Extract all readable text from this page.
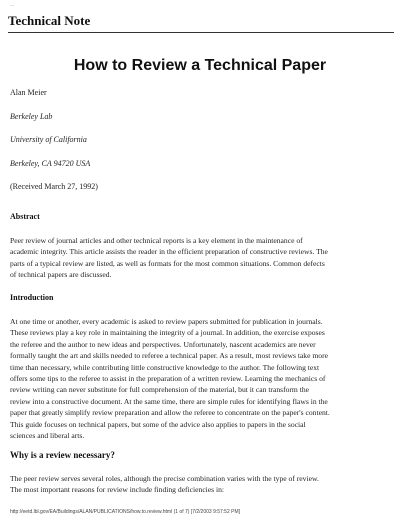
...
Technical Note
How to Review a Technical Paper
Alan Meier
Berkeley Lab
University of California
Berkeley, CA 94720 USA
(Received March 27, 1992)
Abstract
Peer review of journal articles and other technical reports is a key element in the maintenance of
academic integrity. This article assists the reader in the efficient preparation of constructive reviews. The
parts of a typical review are listed, as well as formats for the most common situations. Common defects
of technical papers are discussed.
Introduction
At one time or another, every academic is asked to review papers submitted for publication in journals.
These reviews play a key role in maintaining the integrity of a journal. In addition, the exercise exposes
the referee and the author to new ideas and perspectives. Unfortunately, nascent academics are never
formally taught the art and skills needed to referee a technical paper. As a result, most reviews take more
time than necessary, while contributing little constructive knowledge to the author. The following text
offers some tips to the referee to assist in the preparation of a written review. Learning the mechanics of
review writing can never substitute for full comprehension of the material, but it can transform the
review into a constructive document. At the same time, there are simple rules for identifying flaws in the
paper that greatly simplify review preparation and allow the referee to concentrate on the paper's content.
This guide focuses on technical papers, but some of the advice also applies to papers in the social
sciences and liberal arts.
Why is a review necessary?
The peer review serves several roles, although the precise combination varies with the type of review.
The most important reasons for review include finding deficiencies in:
http://eetd.lbl.gov/EA/Buildings/ALAN/PUBLICATIONS/how.to.review.html (1 of 7) [7/2/2003 9:57:52 PM]
